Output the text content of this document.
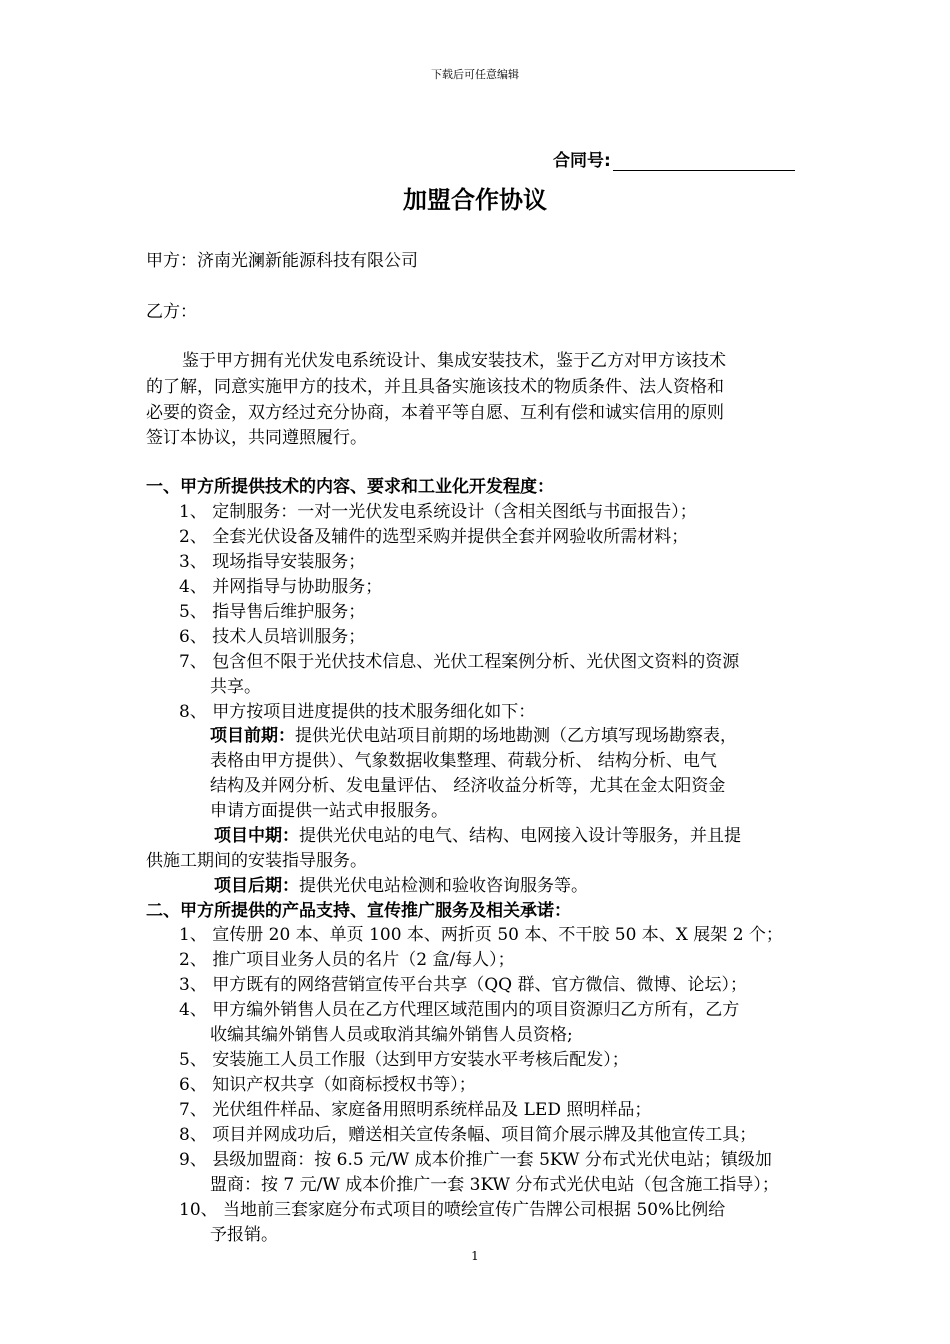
下载后可任意编辑
合同号:
加盟合作协议
甲方：济南光澜新能源科技有限公司
乙方：
鉴于甲方拥有光伏发电系统设计、集成安装技术，鉴于乙方对甲方该技术
的了解，同意实施甲方的技术，并且具备实施该技术的物质条件、法人资格和
必要的资金，双方经过充分协商，本着平等自愿、互利有偿和诚实信用的原则
签订本协议，共同遵照履行。
一、甲方所提供技术的内容、要求和工业化开发程度：
1、 定制服务：一对一光伏发电系统设计（含相关图纸与书面报告）；
2、 全套光伏设备及辅件的选型采购并提供全套并网验收所需材料；
3、 现场指导安装服务；
4、 并网指导与协助服务；
5、 指导售后维护服务；
6、 技术人员培训服务；
7、 包含但不限于光伏技术信息、光伏工程案例分析、光伏图文资料的资源
共享。
8、 甲方按项目进度提供的技术服务细化如下：
项目前期：提供光伏电站项目前期的场地勘测（乙方填写现场勘察表，
表格由甲方提供）、气象数据收集整理、荷载分析、 结构分析、电气
结构及并网分析、发电量评估、 经济收益分析等，尤其在金太阳资金
申请方面提供一站式申报服务。
项目中期：提供光伏电站的电气、结构、电网接入设计等服务，并且提
供施工期间的安装指导服务。
项目后期：提供光伏电站检测和验收咨询服务等。
二、甲方所提供的产品支持、宣传推广服务及相关承诺：
1、 宣传册 20 本、单页 100 本、两折页 50 本、不干胶 50 本、X 展架 2 个；
2、 推广项目业务人员的名片（2 盒/每人）；
3、 甲方既有的网络营销宣传平台共享（QQ 群、官方微信、微博、论坛）；
4、 甲方编外销售人员在乙方代理区域范围内的项目资源归乙方所有，乙方
收编其编外销售人员或取消其编外销售人员资格;
5、 安装施工人员工作服（达到甲方安装水平考核后配发）；
6、 知识产权共享（如商标授权书等）；
7、 光伏组件样品、家庭备用照明系统样品及 LED 照明样品；
8、 项目并网成功后，赠送相关宣传条幅、项目简介展示牌及其他宣传工具；
9、 县级加盟商：按 6.5 元/W 成本价推广一套 5KW 分布式光伏电站；镇级加
盟商：按 7 元/W 成本价推广一套 3KW 分布式光伏电站（包含施工指导）；
10、 当地前三套家庭分布式项目的喷绘宣传广告牌公司根据 50%比例给
予报销。
1
